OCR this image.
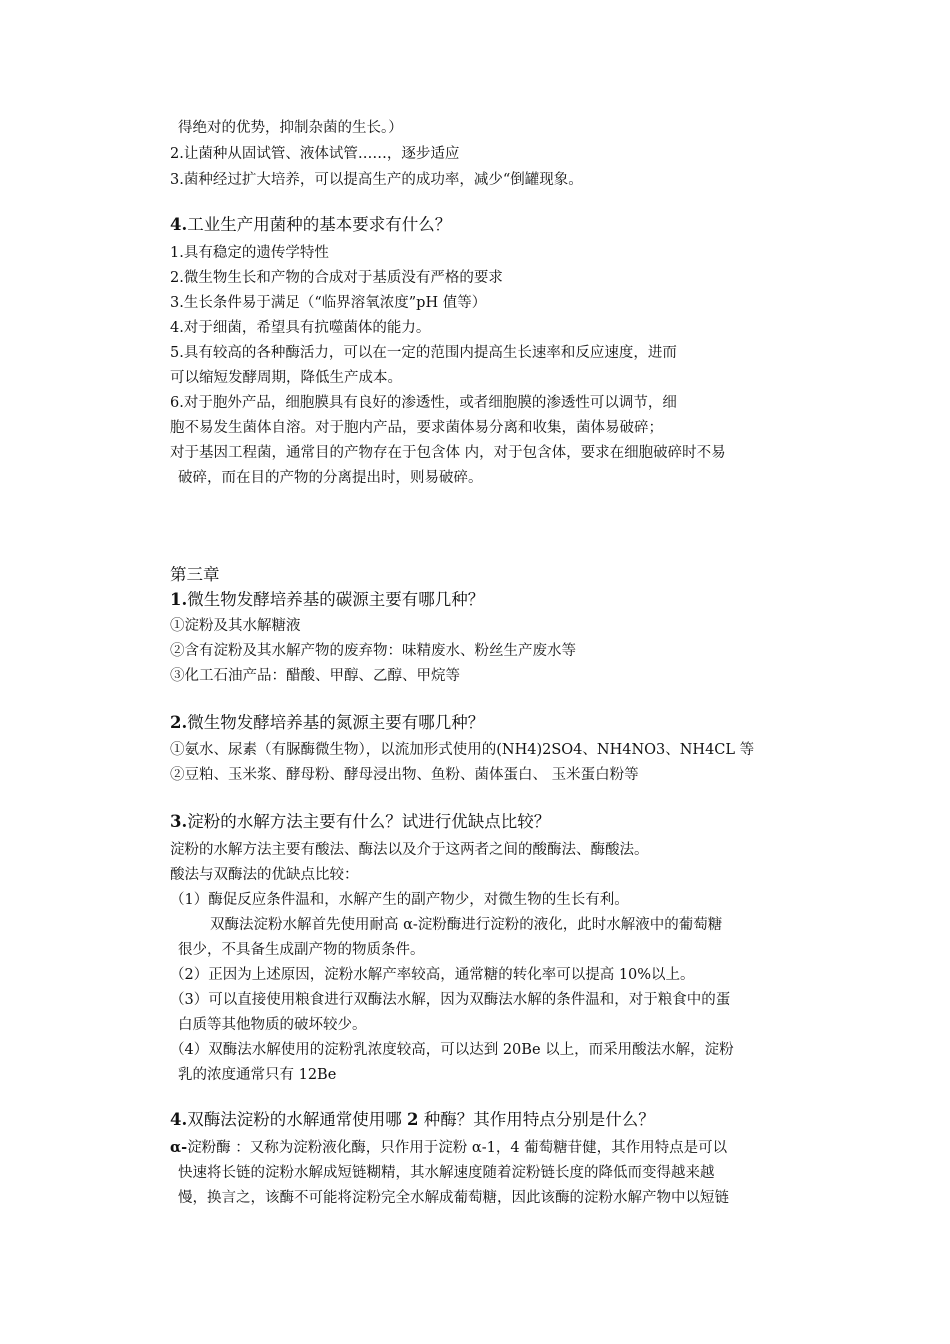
得绝对的优势，抑制杂菌的生长。）
2.让菌种从固试管、液体试管……，逐步适应
3.菌种经过扩大培养，可以提高生产的成功率，减少“倒罐现象。
4.工业生产用菌种的基本要求有什么？
1.具有稳定的遗传学特性
2.微生物生长和产物的合成对于基质没有严格的要求
3.生长条件易于满足（“临界溶氧浓度”pH 值等）
4.对于细菌，希望具有抗噬菌体的能力。
5.具有较高的各种酶活力，可以在一定的范围内提高生长速率和反应速度，进而
可以缩短发酵周期，降低生产成本。
6.对于胞外产品，细胞膜具有良好的渗透性，或者细胞膜的渗透性可以调节，细
胞不易发生菌体自溶。对于胞内产品，要求菌体易分离和收集，菌体易破碎；
对于基因工程菌，通常目的产物存在于包含体 内，对于包含体，要求在细胞破碎时不易
破碎，而在目的产物的分离提出时，则易破碎。
第三章
1.微生物发酵培养基的碳源主要有哪几种？
①淀粉及其水解糖液
②含有淀粉及其水解产物的废弃物：味精废水、粉丝生产废水等
③化工石油产品：醋酸、甲醇、乙醇、甲烷等
2.微生物发酵培养基的氮源主要有哪几种？
①氨水、尿素（有脲酶微生物），以流加形式使用的(NH4)2SO4、NH4NO3、NH4CL 等
②豆粕、玉米浆、酵母粉、酵母浸出物、鱼粉、菌体蛋白、 玉米蛋白粉等
3.淀粉的水解方法主要有什么？试进行优缺点比较？
淀粉的水解方法主要有酸法、酶法以及介于这两者之间的酸酶法、酶酸法。
酸法与双酶法的优缺点比较：
（1）酶促反应条件温和，水解产生的副产物少，对微生物的生长有利。
双酶法淀粉水解首先使用耐高 α-淀粉酶进行淀粉的液化，此时水解液中的葡萄糖
很少，不具备生成副产物的物质条件。
（2）正因为上述原因，淀粉水解产率较高，通常糖的转化率可以提高 10%以上。
（3）可以直接使用粮食进行双酶法水解，因为双酶法水解的条件温和，对于粮食中的蛋
白质等其他物质的破坏较少。
（4）双酶法水解使用的淀粉乳浓度较高，可以达到 20Be 以上，而采用酸法水解，淀粉
乳的浓度通常只有 12Be
4.双酶法淀粉的水解通常使用哪 2 种酶？其作用特点分别是什么？
α-淀粉酶 ：又称为淀粉液化酶，只作用于淀粉 α-1，4 葡萄糖苷健，其作用特点是可以
快速将长链的淀粉水解成短链糊精，其水解速度随着淀粉链长度的降低而变得越来越
慢，换言之，该酶不可能将淀粉完全水解成葡萄糖，因此该酶的淀粉水解产物中以短链
